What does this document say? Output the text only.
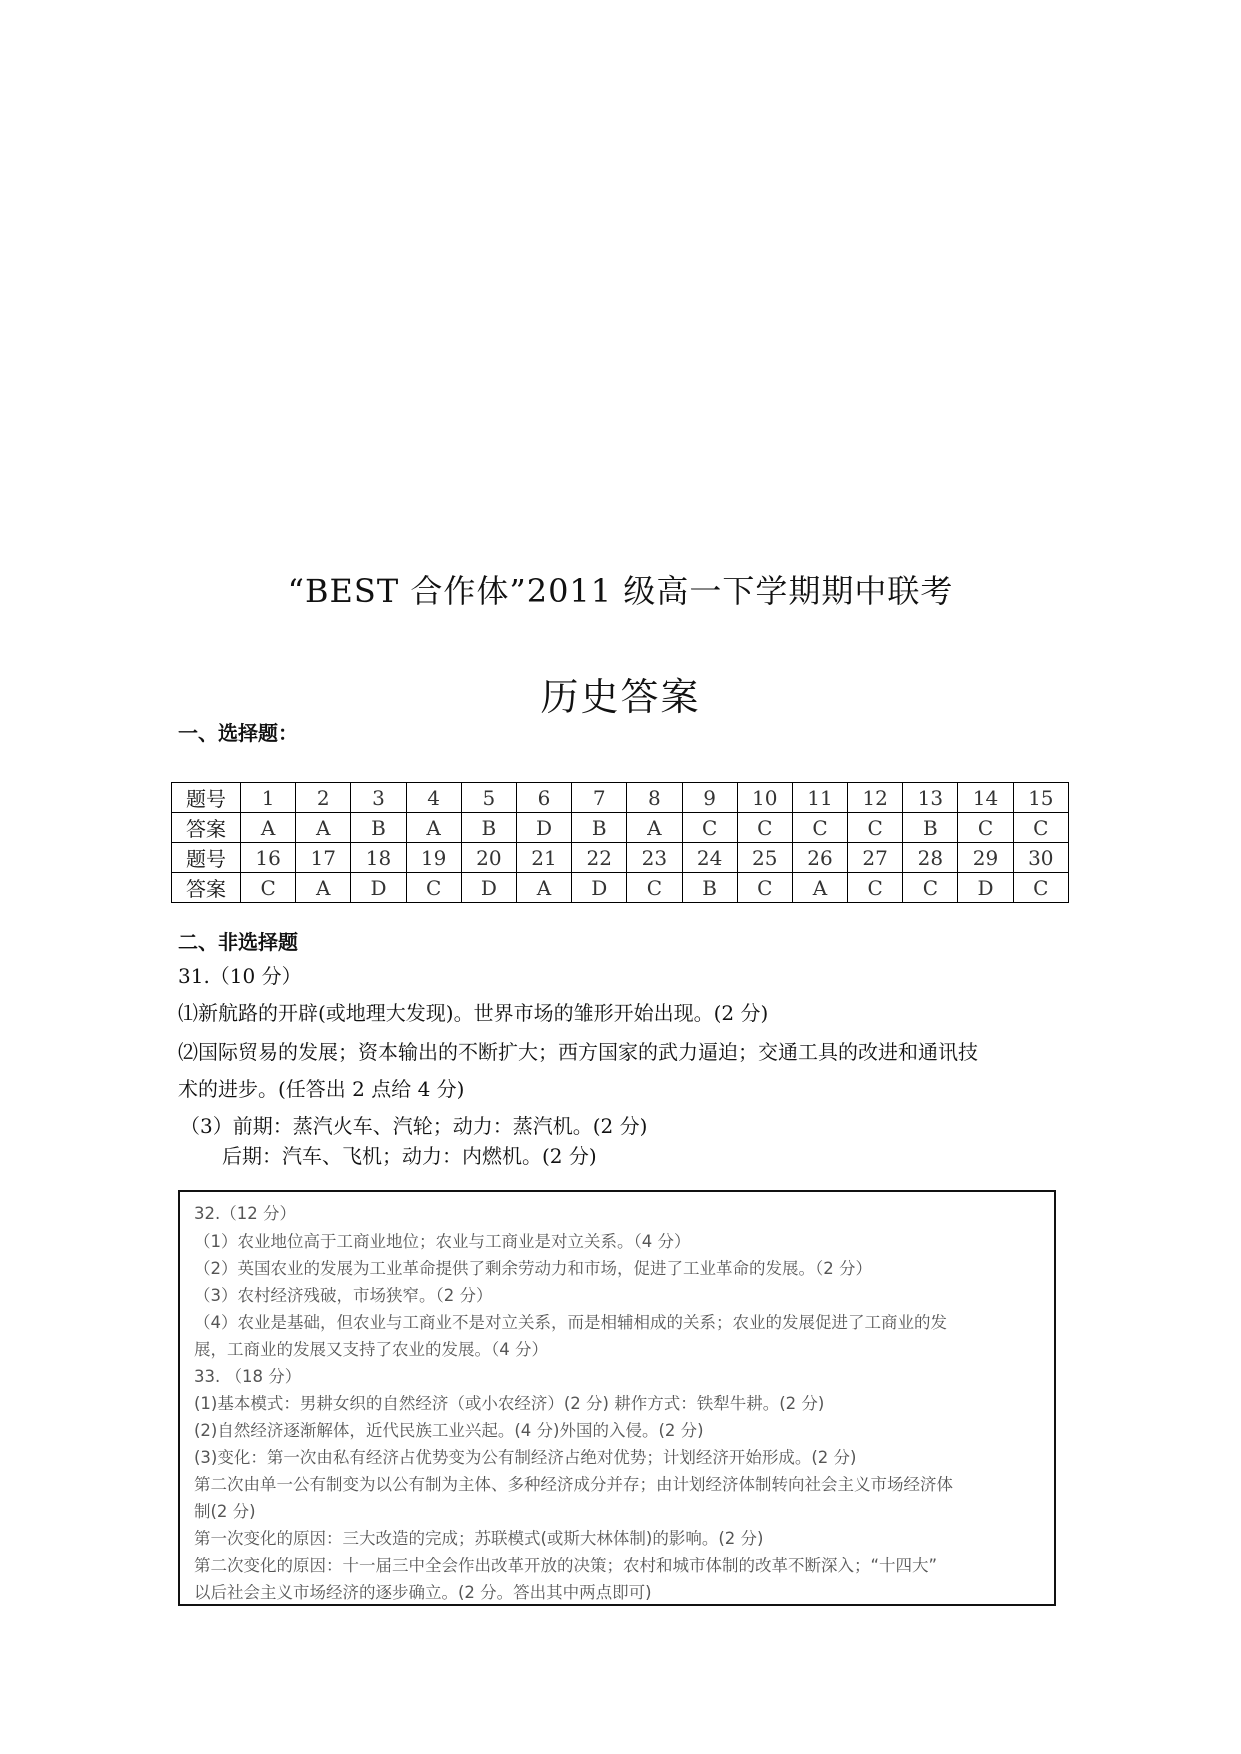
“BEST 合作体”2011 级高一下学期期中联考
历史答案
一、选择题：
题号	1	2	3	4	5	6	7	8	9	10	11	12	13	14	15
答案	A	A	B	A	B	D	B	A	C	C	C	C	B	C	C
题号	16	17	18	19	20	21	22	23	24	25	26	27	28	29	30
答案	C	A	D	C	D	A	D	C	B	C	A	C	C	D	C
二、非选择题
31.（10 分）
⑴新航路的开辟(或地理大发现)。世界市场的雏形开始出现。(2 分)
⑵国际贸易的发展；资本输出的不断扩大；西方国家的武力逼迫；交通工具的改进和通讯技
术的进步。(任答出 2 点给 4 分)
（3）前期：蒸汽火车、汽轮；动力：蒸汽机。(2 分)
后期：汽车、飞机；动力：内燃机。(2 分)
32.（12 分）
（1）农业地位高于工商业地位；农业与工商业是对立关系。（4 分）
（2）英国农业的发展为工业革命提供了剩余劳动力和市场，促进了工业革命的发展。（2 分）
（3）农村经济残破，市场狭窄。（2 分）
（4）农业是基础，但农业与工商业不是对立关系，而是相辅相成的关系；农业的发展促进了工商业的发
展，工商业的发展又支持了农业的发展。（4 分）
33. （18 分）
(1)基本模式：男耕女织的自然经济（或小农经济）(2 分) 耕作方式：铁犁牛耕。(2 分)
(2)自然经济逐渐解体，近代民族工业兴起。(4 分)外国的入侵。(2 分)
(3)变化：第一次由私有经济占优势变为公有制经济占绝对优势；计划经济开始形成。(2 分)
第二次由单一公有制变为以公有制为主体、多种经济成分并存；由计划经济体制转向社会主义市场经济体
制(2 分)
第一次变化的原因：三大改造的完成；苏联模式(或斯大林体制)的影响。(2 分)
第二次变化的原因：十一届三中全会作出改革开放的决策；农村和城市体制的改革不断深入；“十四大”
以后社会主义市场经济的逐步确立。(2 分。答出其中两点即可)
